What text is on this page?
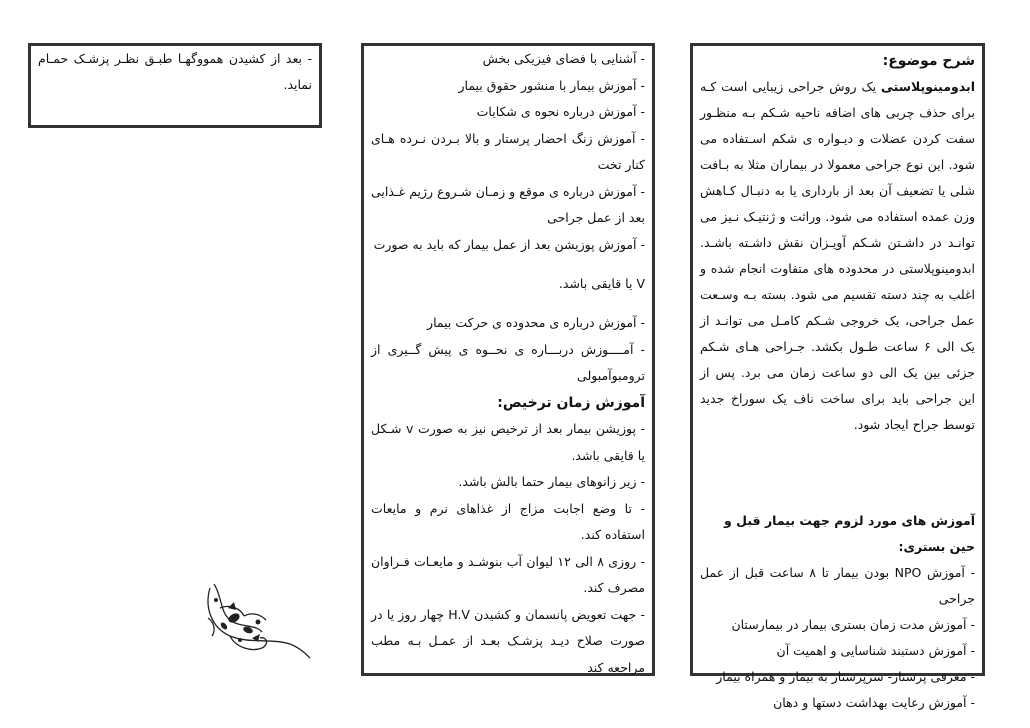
شرح موضوع:

ابدومینوپلاستی یک روش جراحی زیبایی است کـه برای حذف چربی های اضافه ناحیه شـکم بـه منظـور سفت کردن عضلات و دیـواره ی شکم اسـتفاده می شود. این نوع جراحی معمولا در بیماران مثلا به بـافت شلی یا تضعیف آن بعد از بارداری یا به دنبـال کـاهش وزن عمده استفاده می شود. وراثت و ژنتیـک نـیز می توانـد در داشـتن شـکم آویـزان نقش داشـته باشـد. ابدومینوپلاستی در محدوده های متفاوت انجام شده و اغلب به چند دسته تقسیم می شود. بسته بـه وسـعت عمل جراحی، یک خروجی شـکم کامـل می توانـد از یک الی ۶ ساعت طـول بکشد. جـراحی هـای شـکم جزئی بین یک الی دو ساعت زمان می برد. پس از این جراحی باید برای ساخت ناف یک سوراخ جدید توسط جراح ایجاد شود.

آموزش های مورد لزوم جهت بیمار قبل و حین بستری:

- آموزش NPO بودن بیمار تا ۸ ساعت قبل از عمل جراحی

- آموزش مدت زمان بستری بیمار در بیمارستان

- آموزش دستبند شناسایی و اهمیت آن

- معرفی پرستار- سرپرستار به بیمار و همراه بیمار

- آموزش رعایت بهداشت دستها و دهان

- آشنایی با فضای فیزیکی بخش

- آموزش بیمار با منشور حقوق بیمار

- آموزش درباره نحوه ی شکایات

- آموزش زنگ احضار پرستار و بالا بـردن نـرده هـای کنار تخت

- آموزش درباره ی موقع و زمـان شـروع رژیم غـذایی بعد از عمل جراحی

- آموزش پوزیشن بعد از عمل بیمار که باید به صورت

V یا قایقی باشد.

- آموزش درباره ی محدوده ی حرکت بیمار

- آمــــوزش دربـــاره ی نحــوه ی پیش گــیری از ترومبوآمبولی

آموزش زمان ترخیص:

- پوزیشن بیمار بعد از ترخیص نیز به صورت v شـکل یا قایقی باشد.

- زیر زانوهای بیمار حتما بالش باشد.

- تا وضع اجابت مزاج از غذاهای نرم و مایعات استفاده کند.

- روزی ۸ الی ۱۲ لیوان آب بنوشـد و مایعـات فـراوان مصرف کند.

- جهت تعویض پانسمان و کشیدن H.V چهار روز یا در صورت صلاح دیـد پزشـک بعـد از عمـل بـه مطب مراجعه کند

- بعد از کشیدن هموو‌گهـا طبـق نظـر پزشـک حمـام نماید.
